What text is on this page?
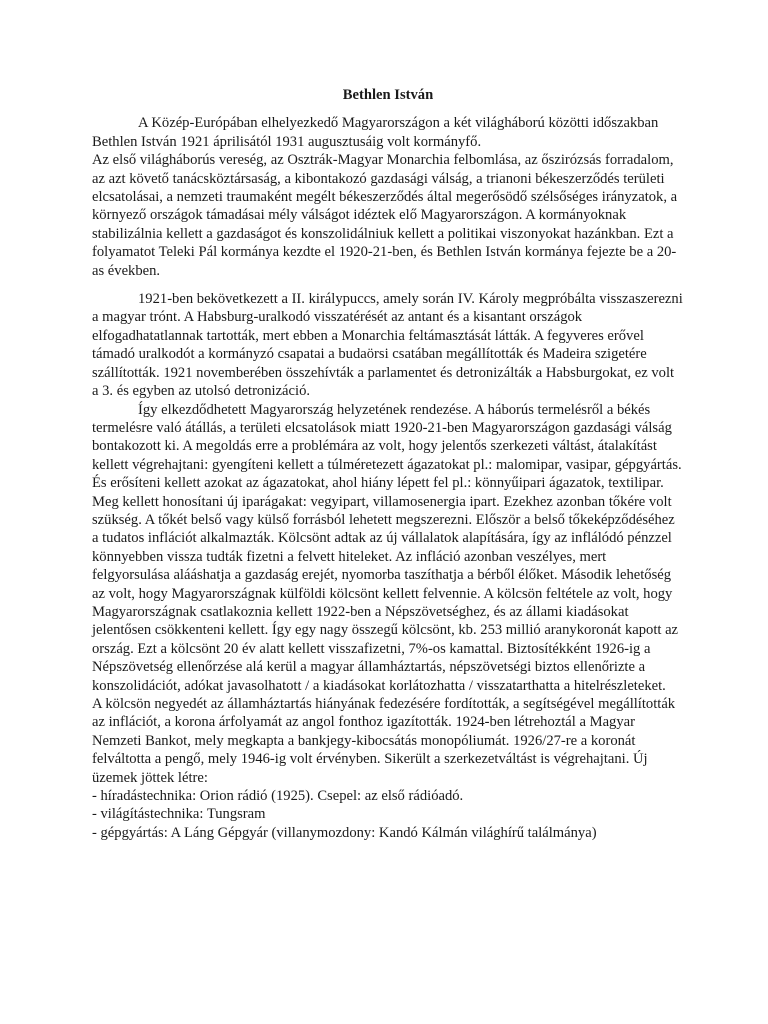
Bethlen István

A Közép-Európában elhelyezkedő Magyarországon a két világháború közötti időszakban Bethlen István 1921 áprilisától 1931 augusztusáig volt kormányfő.

Az első világháborús vereség, az Osztrák-Magyar Monarchia felbomlása, az őszirózsás forradalom, az azt követő tanácsköztársaság, a kibontakozó gazdasági válság, a trianoni békeszerződés területi elcsatolásai, a nemzeti traumaként megélt békeszerződés által megerősödő szélsőséges irányzatok, a környező országok támadásai mély válságot idéztek elő Magyarországon. A kormányoknak stabilizálnia kellett a gazdaságot és konszolidálniuk kellett a politikai viszonyokat hazánkban. Ezt a folyamatot Teleki Pál kormánya kezdte el 1920-21-ben, és Bethlen István kormánya fejezte be a 20-as években.

1921-ben bekövetkezett a II. királypuccs, amely során IV. Károly megpróbálta visszaszerezni a magyar trónt. A Habsburg-uralkodó visszatérését az antant és a kisantant országok elfogadhatatlannak tartották, mert ebben a Monarchia feltámasztását látták. A fegyveres erővel támadó uralkodót a kormányzó csapatai a budaörsi csatában megállították és Madeira szigetére szállították. 1921 novemberében összehívták a parlamentet és detronizálták a Habsburgokat, ez volt a 3. és egyben az utolsó detronizáció.

Így elkezdődhetett Magyarország helyzetének rendezése. A háborús termelésről a békés termelésre való átállás, a területi elcsatolások miatt 1920-21-ben Magyarországon gazdasági válság bontakozott ki. A megoldás erre a problémára az volt, hogy jelentős szerkezeti váltást, átalakítást kellett végrehajtani: gyengíteni kellett a túlméretezett ágazatokat pl.: malomipar, vasipar, gépgyártás. És erősíteni kellett azokat az ágazatokat, ahol hiány lépett fel pl.: könnyűipari ágazatok, textilipar. Meg kellett honosítani új iparágakat: vegyipart, villamosenergia ipart. Ezekhez azonban tőkére volt szükség. A tőkét belső vagy külső forrásból lehetett megszerezni. Először a belső tőkeképződéséhez a tudatos inflációt alkalmazták. Kölcsönt adtak az új vállalatok alapítására, így az inflálódó pénzzel könnyebben vissza tudták fizetni a felvett hiteleket. Az infláció azonban veszélyes, mert felgyorsulása alááshatja a gazdaság erejét, nyomorba taszíthatja a bérből élőket. Második lehetőség az volt, hogy Magyarországnak külföldi kölcsönt kellett felvennie. A kölcsön feltétele az volt, hogy Magyarországnak csatlakoznia kellett 1922-ben a Népszövetséghez, és az állami kiadásokat jelentősen csökkenteni kellett. Így egy nagy összegű kölcsönt, kb. 253 millió aranykoronát kapott az ország. Ezt a kölcsönt 20 év alatt kellett visszafizetni, 7%-os kamattal. Biztosítékként 1926-ig a Népszövetség ellenőrzése alá kerül a magyar államháztartás, népszövetségi biztos ellenőrizte a konszolidációt, adókat javasolhatott / a kiadásokat korlátozhatta / visszatarthatta a hitelrészleteket.

A kölcsön negyedét az államháztartás hiányának fedezésére fordították, a segítségével megállították az inflációt, a korona árfolyamát az angol fonthoz igazították. 1924-ben létrehoztál a Magyar Nemzeti Bankot, mely megkapta a bankjegy-kibocsátás monopóliumát. 1926/27-re a koronát felváltotta a pengő, mely 1946-ig volt érvényben. Sikerült a szerkezetváltást is végrehajtani. Új üzemek jöttek létre:

- híradástechnika: Orion rádió (1925). Csepel: az első rádióadó.

- világítástechnika: Tungsram

- gépgyártás: A Láng Gépgyár (villanymozdony: Kandó Kálmán világhírű találmánya)
